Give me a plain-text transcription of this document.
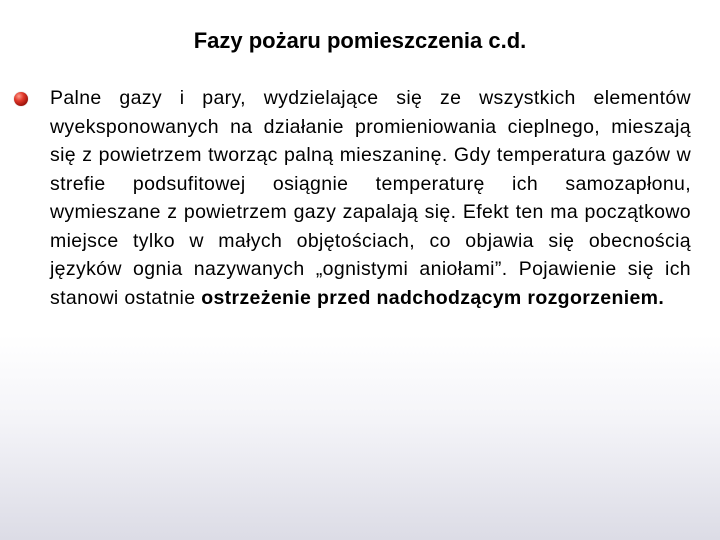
Fazy pożaru pomieszczenia c.d.

Palne gazy i pary, wydzielające się ze wszystkich elementów wyeksponowanych na działanie promieniowania cieplnego, mieszają się z powietrzem tworząc palną mieszaninę. Gdy temperatura gazów w strefie podsufitowej osiągnie temperaturę ich samozapłonu, wymieszane z powietrzem gazy zapalają się. Efekt ten ma początkowo miejsce tylko w małych objętościach, co objawia się obecnością języków ognia nazywanych „ognistymi aniołami”. Pojawienie się ich stanowi ostatnie ostrzeżenie przed nadchodzącym rozgorzeniem.
